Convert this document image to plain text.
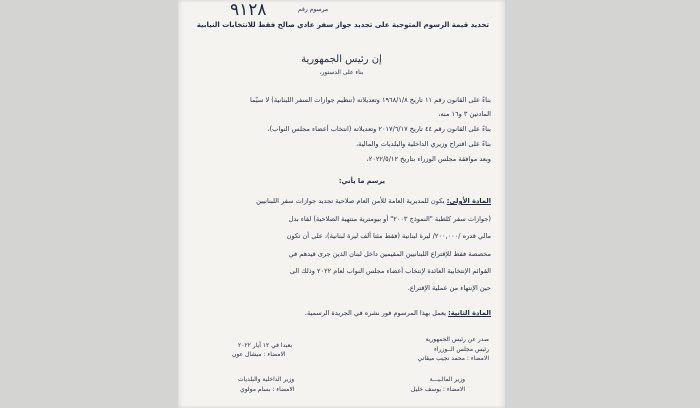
مرسوم رقم
٩١٢٨
تحديد قيمة الرسوم المتوجبة على تجديد جواز سفر عادي صالح فقط للانتخابات النيابية
إن رئيس الجمهورية
بناء على الدستور،
بناءً على القانون رقم ١١ تاريخ ١٩٦٨/١/٨ وتعديلاته (تنظيم جوازات السفر اللبنانية) لا سيّما
المادتين ٣ و١٦ منه،
بناءً على القانون رقم ٤٤ تاريخ ٢٠١٧/٦/١٧ وتعديلاته (انتخاب أعضاء مجلس النواب)،
بناءً على اقتراح وزيري الداخلية والبلديات والمالية،
وبعد موافقة مجلس الوزراء بتاريخ ٢٠٢٢/٥/١٢،
يرسم ما يأتي:
المادة الأولى: يكون للمديرية العامة للأمن العام صلاحية تجديد جوازات سفر اللبنانيين
(جوازات سفر كلطبة "النموذج ٢٠٠٣" أو بيومترية منتهية الصلاحية) لقاء بدل
مالي قدره /٢٠٠,٠٠٠/ ليرة لبنانية (فقط مئتا ألف ليرة لبنانية)، على أن تكون
مخصصة فقط للإقتراع اللبنانيين المقيمين داخل لبنان الذين جرى قيدهم في
القوائم الإنتخابية العائدة لإنتخاب أعضاء مجلس النواب لعام ٢٠٢٢ وذلك الى
حين الإنتهاء من عملية الإقتراع.
المادة الثانية: يعمل بهذا المرسوم فور نشره في الجريدة الرسمية.
صدر عن رئيس الجمهورية
رئيس مجلس الــوزراء
الامضاء : محمد نجيب ميقاتي
وزير المالـيـــة
الامضاء : يوسف خليل
بعبدا في ١٢ أيار ٢٠٢٢
الامضاء : ميشال عون
وزير الداخلية والبلديات
الامضاء : بسام مولوي
